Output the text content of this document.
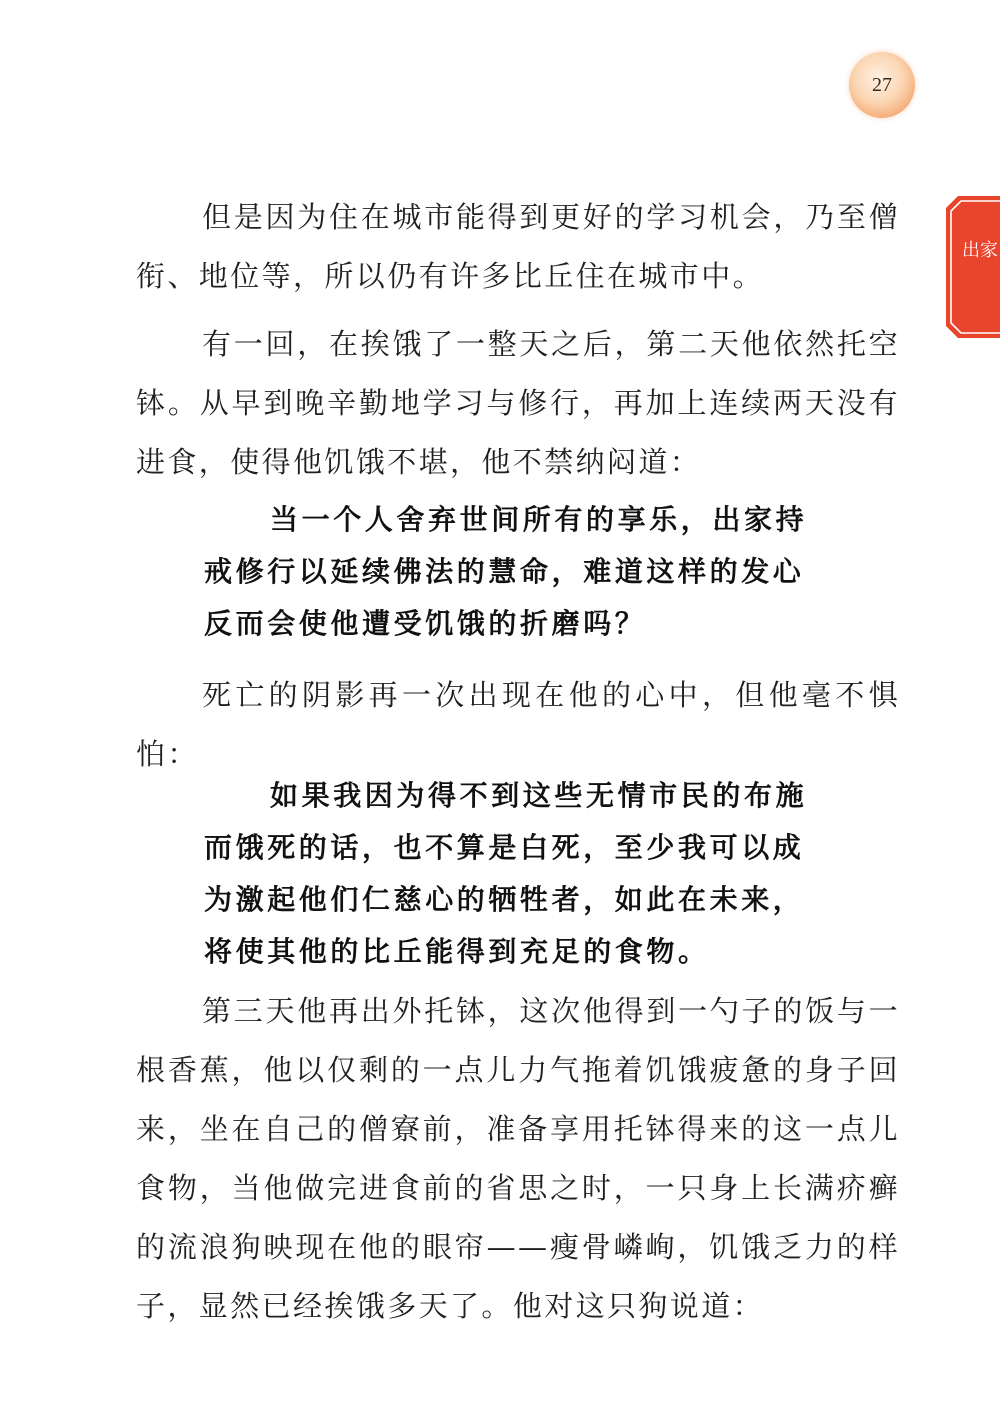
27
出家

但是因为住在城市能得到更好的学习机会，乃至僧衔、地位等，所以仍有许多比丘住在城市中。

有一回，在挨饿了一整天之后，第二天他依然托空钵。从早到晚辛勤地学习与修行，再加上连续两天没有进食，使得他饥饿不堪，他不禁纳闷道：

当一个人舍弃世间所有的享乐，出家持戒修行以延续佛法的慧命，难道这样的发心反而会使他遭受饥饿的折磨吗？

死亡的阴影再一次出现在他的心中，但他毫不惧怕：

如果我因为得不到这些无情市民的布施而饿死的话，也不算是白死，至少我可以成为激起他们仁慈心的牺牲者，如此在未来，将使其他的比丘能得到充足的食物。

第三天他再出外托钵，这次他得到一勺子的饭与一根香蕉，他以仅剩的一点儿力气拖着饥饿疲惫的身子回来，坐在自己的僧寮前，准备享用托钵得来的这一点儿食物，当他做完进食前的省思之时，一只身上长满疥癣的流浪狗映现在他的眼帘——瘦骨嶙峋，饥饿乏力的样子，显然已经挨饿多天了。他对这只狗说道：
